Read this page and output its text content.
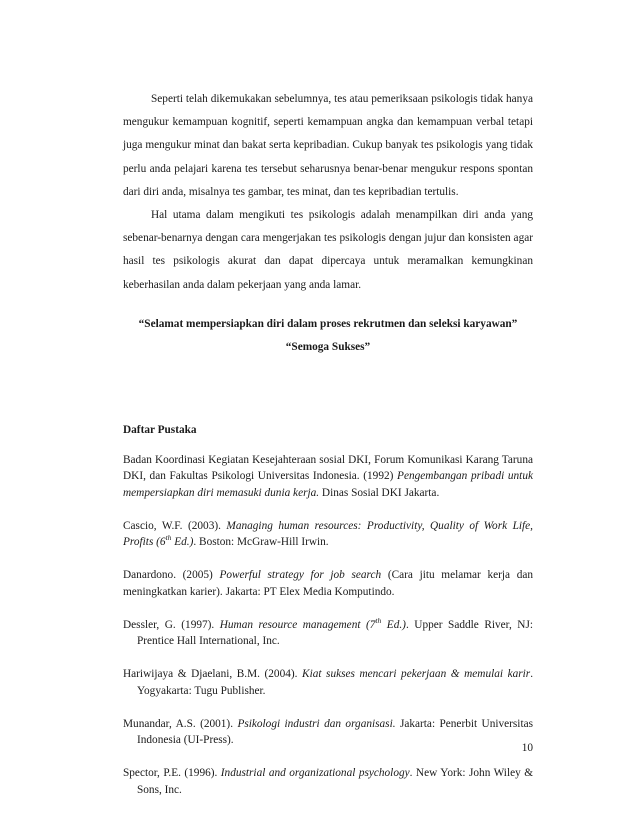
Seperti telah dikemukakan sebelumnya, tes atau pemeriksaan psikologis tidak hanya mengukur kemampuan kognitif, seperti kemampuan angka dan kemampuan verbal tetapi juga mengukur minat dan bakat serta kepribadian. Cukup banyak tes psikologis yang tidak perlu anda pelajari karena tes tersebut seharusnya benar-benar mengukur respons spontan dari diri anda, misalnya tes gambar, tes minat, dan tes kepribadian tertulis.

Hal utama dalam mengikuti tes psikologis adalah menampilkan diri anda yang sebenar-benarnya dengan cara mengerjakan tes psikologis dengan jujur dan konsisten agar hasil tes psikologis akurat dan dapat dipercaya untuk meramalkan kemungkinan keberhasilan anda dalam pekerjaan yang anda lamar.

“Selamat mempersiapkan diri dalam proses rekrutmen dan seleksi karyawan”

“Semoga Sukses”

Daftar Pustaka

Badan Koordinasi Kegiatan Kesejahteraan sosial DKI, Forum Komunikasi Karang Taruna DKI, dan Fakultas Psikologi Universitas Indonesia. (1992) Pengembangan pribadi untuk mempersiapkan diri memasuki dunia kerja. Dinas Sosial DKI Jakarta.

Cascio, W.F. (2003). Managing human resources: Productivity, Quality of Work Life, Profits (6th Ed.). Boston: McGraw-Hill Irwin.

Danardono. (2005) Powerful strategy for job search (Cara jitu melamar kerja dan meningkatkan karier). Jakarta: PT Elex Media Komputindo.

Dessler, G. (1997). Human resource management (7th Ed.). Upper Saddle River, NJ: Prentice Hall International, Inc.

Hariwijaya & Djaelani, B.M. (2004). Kiat sukses mencari pekerjaan & memulai karir. Yogyakarta: Tugu Publisher.

Munandar, A.S. (2001). Psikologi industri dan organisasi. Jakarta: Penerbit Universitas Indonesia (UI-Press).

Spector, P.E. (1996). Industrial and organizational psychology. New York: John Wiley & Sons, Inc.

10
